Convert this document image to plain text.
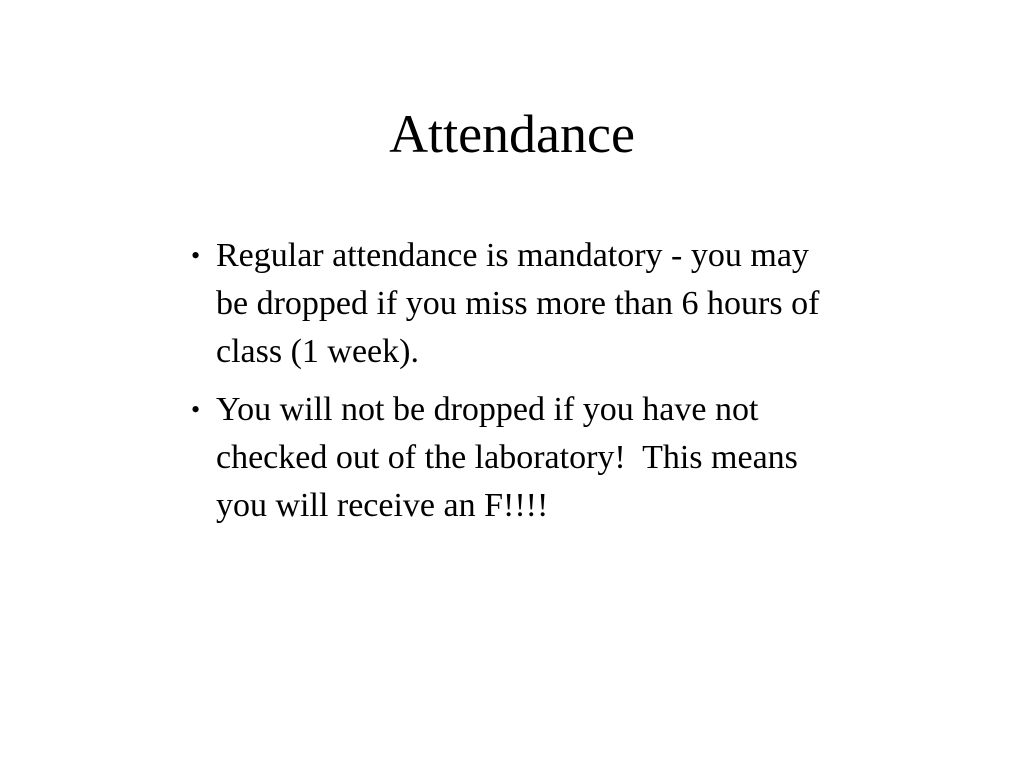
Attendance
• Regular attendance is mandatory - you may
be dropped if you miss more than 6 hours of
class (1 week).
• You will not be dropped if you have not
checked out of the laboratory!  This means
you will receive an F!!!!
